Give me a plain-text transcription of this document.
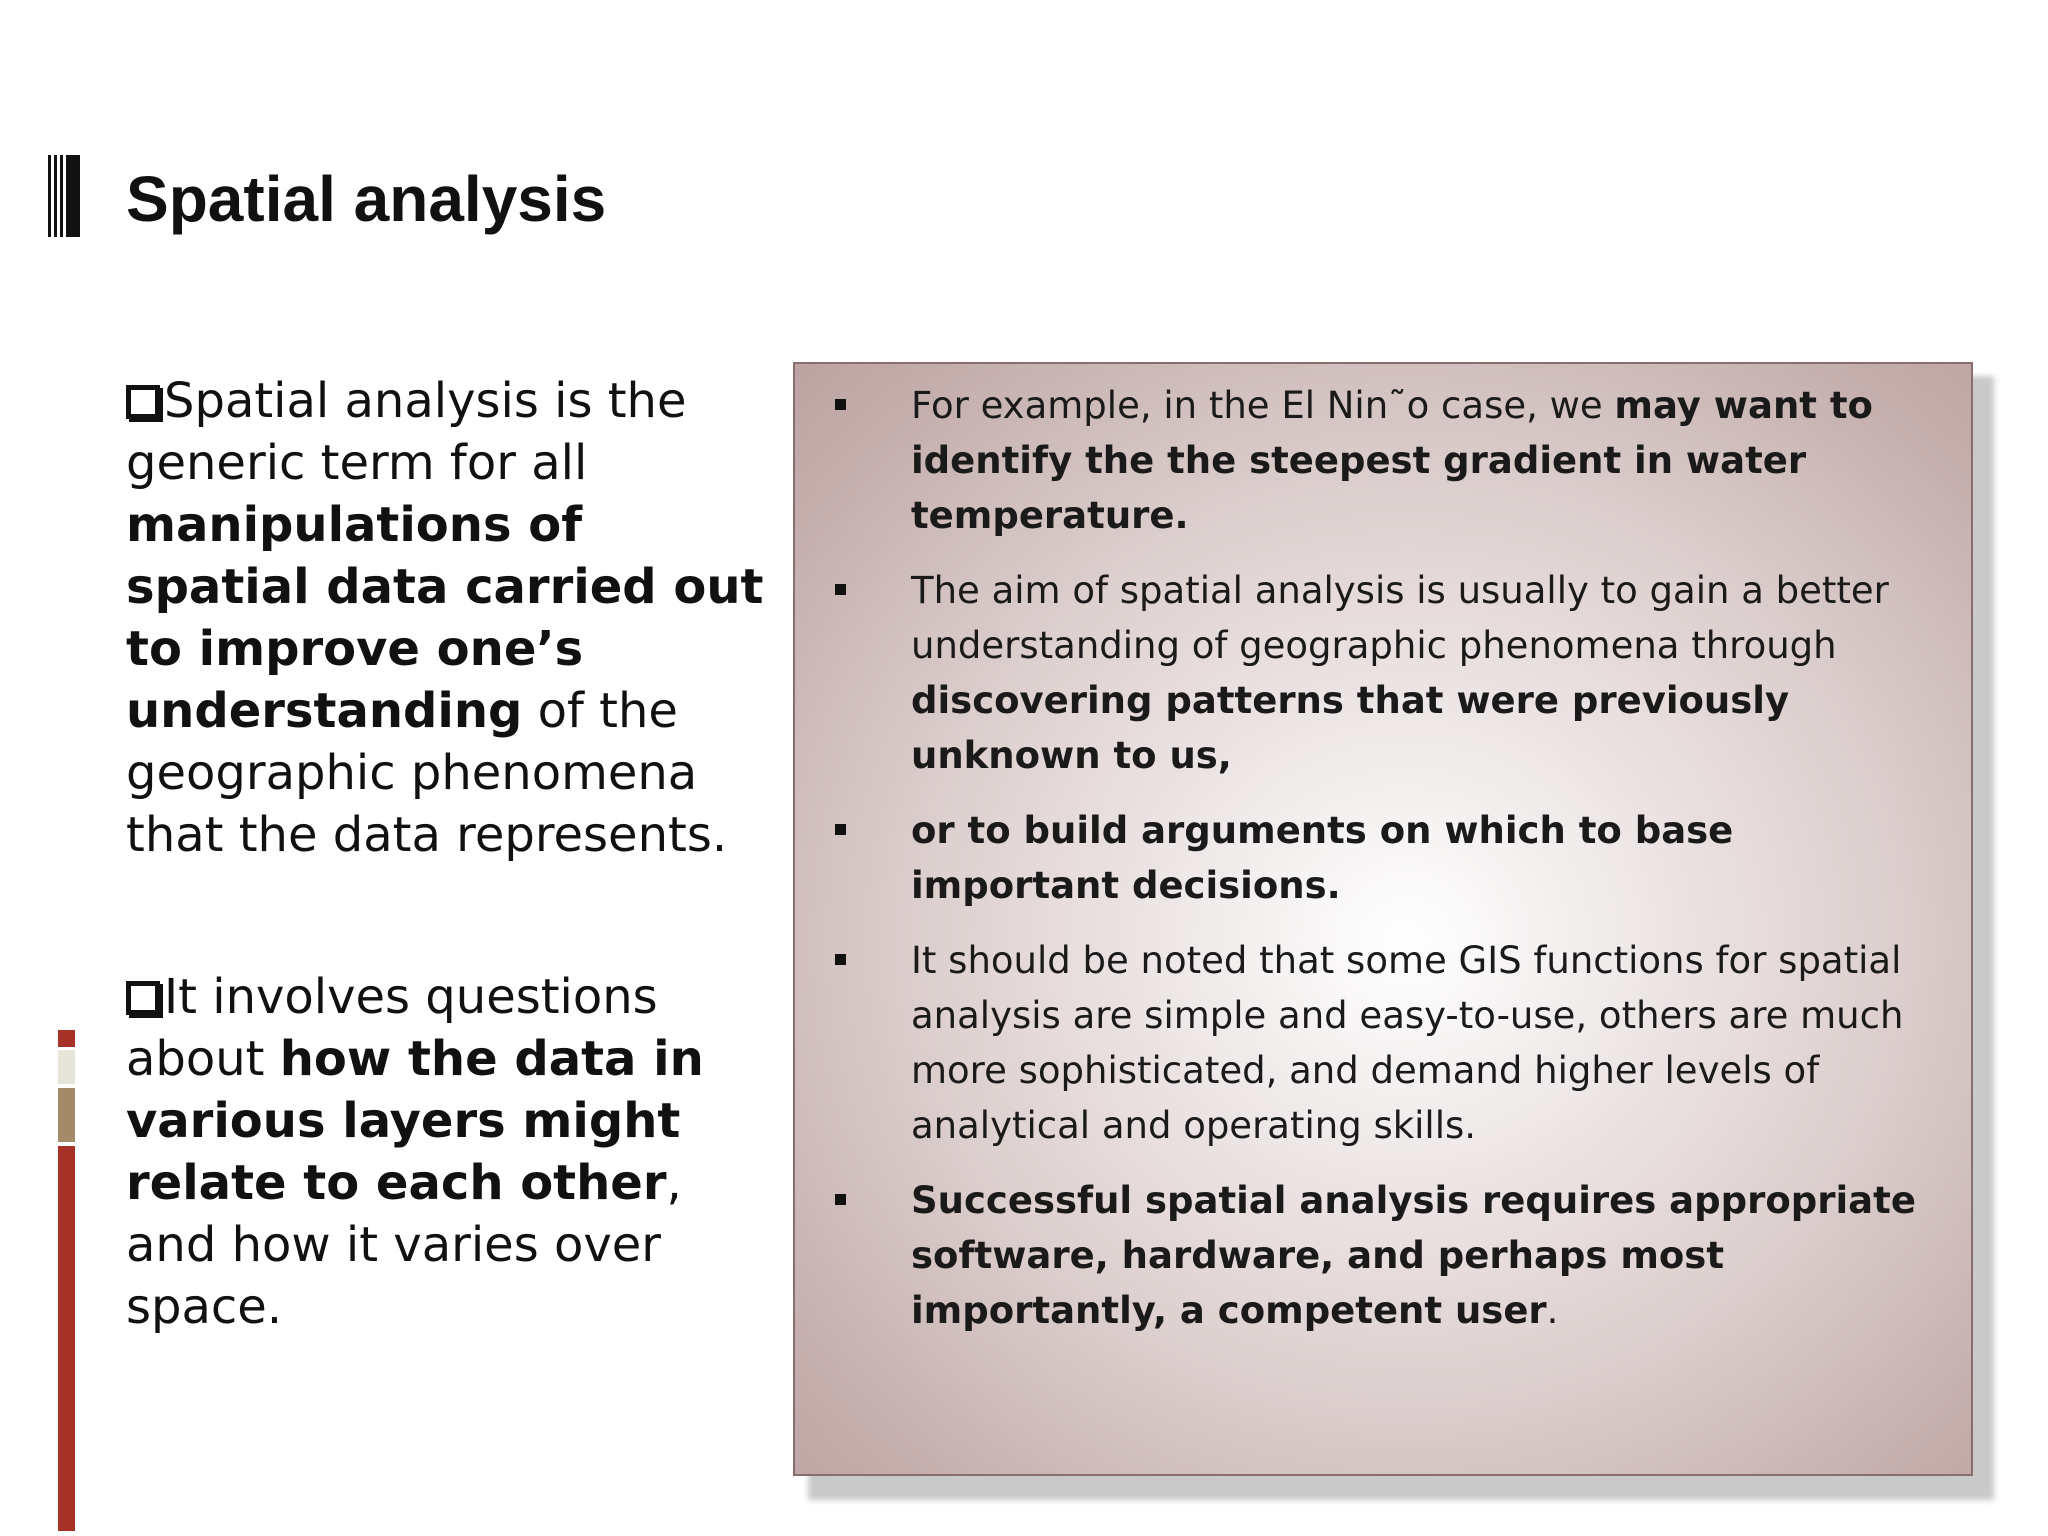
Spatial analysis

Spatial analysis is the generic term for all manipulations of spatial data carried out to improve one’s understanding of the geographic phenomena that the data represents.

It involves questions about how the data in various layers might relate to each other, and how it varies over space.

For example, in the El Nin˜o case, we may want to identify the the steepest gradient in water temperature.
The aim of spatial analysis is usually to gain a better understanding of geographic phenomena through discovering patterns that were previously unknown to us,
or to build arguments on which to base important decisions.
It should be noted that some GIS functions for spatial analysis are simple and easy-to-use, others are much more sophisticated, and demand higher levels of analytical and operating skills.
Successful spatial analysis requires appropriate software, hardware, and perhaps most importantly, a competent user.
